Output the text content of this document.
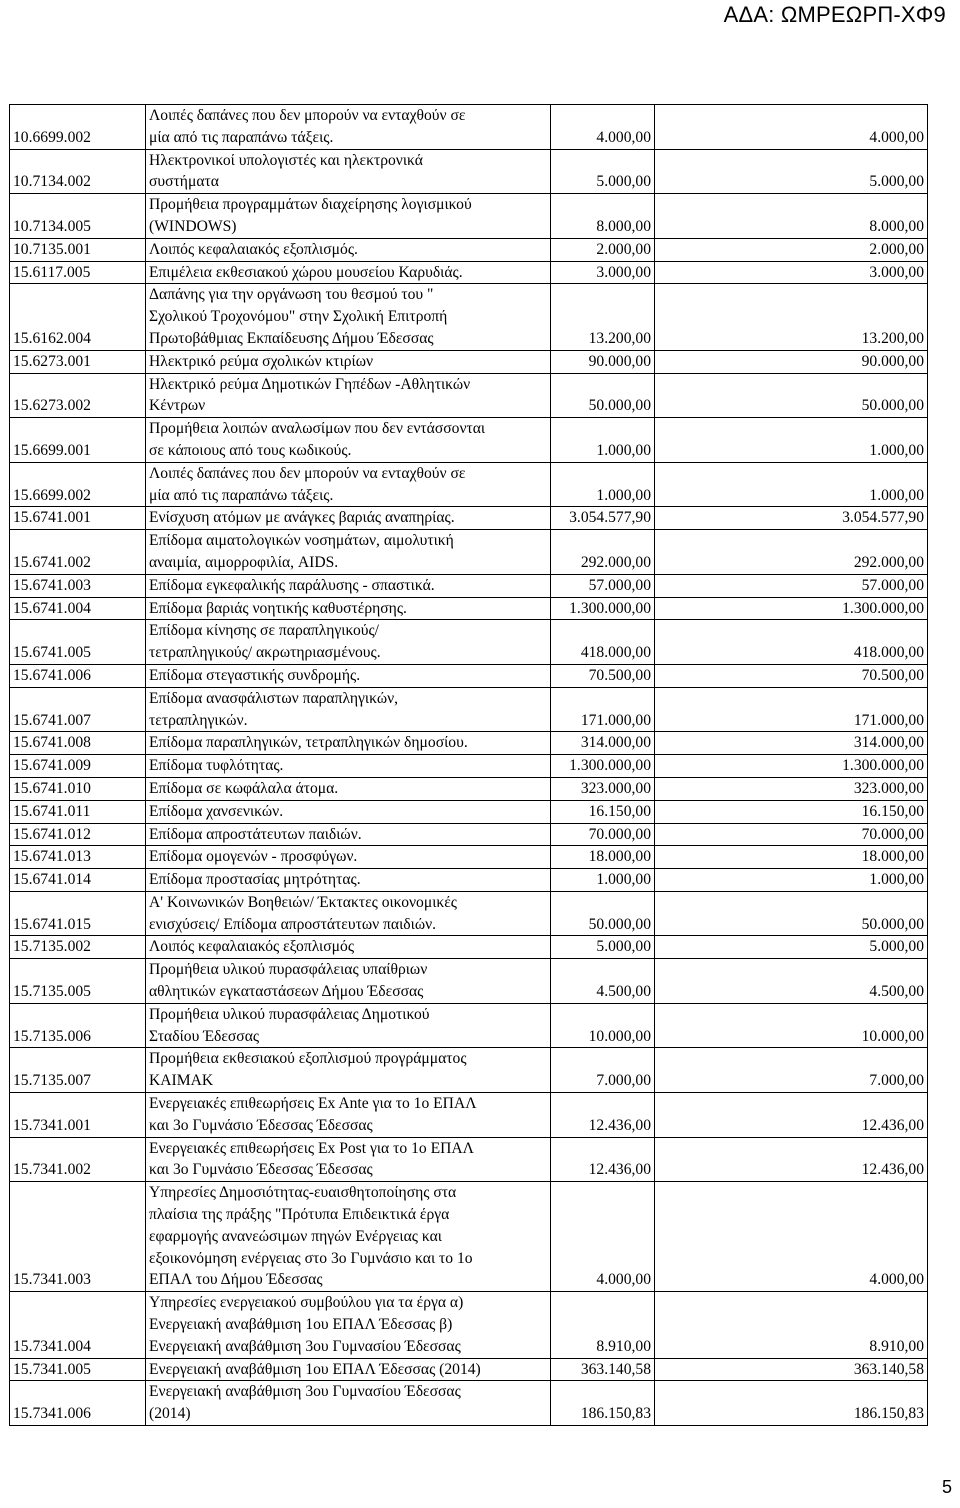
ΑΔΑ: ΩΜΡΕΩΡΠ-ΧΦ9
10.6699.002	Λοιπές δαπάνες που δεν μπορούν να ενταχθούν σε
μία από τις παραπάνω τάξεις.	4.000,00	4.000,00
10.7134.002	Ηλεκτρονικοί υπολογιστές και ηλεκτρονικά
συστήματα	5.000,00	5.000,00
10.7134.005	Προμήθεια προγραμμάτων διαχείρησης λογισμικού
(WINDOWS)	8.000,00	8.000,00
10.7135.001	Λοιπός κεφαλαιακός εξοπλισμός.	2.000,00	2.000,00
15.6117.005	Επιμέλεια εκθεσιακού χώρου μουσείου Καρυδιάς.	3.000,00	3.000,00
15.6162.004	Δαπάνης για την οργάνωση του θεσμού του "
Σχολικού Τροχονόμου" στην Σχολική Επιτροπή
Πρωτοβάθμιας Εκπαίδευσης Δήμου Έδεσσας	13.200,00	13.200,00
15.6273.001	Ηλεκτρικό ρεύμα σχολικών κτιρίων	90.000,00	90.000,00
15.6273.002	Ηλεκτρικό ρεύμα Δημοτικών Γηπέδων -Αθλητικών
Κέντρων	50.000,00	50.000,00
15.6699.001	Προμήθεια λοιπών αναλωσίμων που δεν εντάσσονται
σε κάποιους από τους κωδικούς.	1.000,00	1.000,00
15.6699.002	Λοιπές δαπάνες που δεν μπορούν να ενταχθούν σε
μία από τις παραπάνω τάξεις.	1.000,00	1.000,00
15.6741.001	Ενίσχυση ατόμων με ανάγκες βαριάς αναπηρίας.	3.054.577,90	3.054.577,90
15.6741.002	Επίδομα αιματολογικών νοσημάτων, αιμολυτική
αναιμία, αιμορροφιλία, AIDS.	292.000,00	292.000,00
15.6741.003	Επίδομα εγκεφαλικής παράλυσης - σπαστικά.	57.000,00	57.000,00
15.6741.004	Επίδομα βαριάς νοητικής καθυστέρησης.	1.300.000,00	1.300.000,00
15.6741.005	Επίδομα κίνησης σε παραπληγικούς/
τετραπληγικούς/ ακρωτηριασμένους.	418.000,00	418.000,00
15.6741.006	Επίδομα στεγαστικής συνδρομής.	70.500,00	70.500,00
15.6741.007	Επίδομα ανασφάλιστων παραπληγικών,
τετραπληγικών.	171.000,00	171.000,00
15.6741.008	Επίδομα παραπληγικών, τετραπληγικών δημοσίου.	314.000,00	314.000,00
15.6741.009	Επίδομα τυφλότητας.	1.300.000,00	1.300.000,00
15.6741.010	Επίδομα σε κωφάλαλα άτομα.	323.000,00	323.000,00
15.6741.011	Επίδομα χανσενικών.	16.150,00	16.150,00
15.6741.012	Επίδομα απροστάτευτων παιδιών.	70.000,00	70.000,00
15.6741.013	Επίδομα ομογενών - προσφύγων.	18.000,00	18.000,00
15.6741.014	Επίδομα προστασίας μητρότητας.	1.000,00	1.000,00
15.6741.015	Α' Κοινωνικών Βοηθειών/ Έκτακτες οικονομικές
ενισχύσεις/ Επίδομα απροστάτευτων παιδιών.	50.000,00	50.000,00
15.7135.002	Λοιπός κεφαλαιακός εξοπλισμός	5.000,00	5.000,00
15.7135.005	Προμήθεια υλικού πυρασφάλειας υπαίθριων
αθλητικών εγκαταστάσεων Δήμου Έδεσσας	4.500,00	4.500,00
15.7135.006	Προμήθεια υλικού πυρασφάλειας Δημοτικού
Σταδίου Έδεσσας	10.000,00	10.000,00
15.7135.007	Προμήθεια εκθεσιακού εξοπλισμού προγράμματος
ΚΑΙΜΑΚ	7.000,00	7.000,00
15.7341.001	Ενεργειακές επιθεωρήσεις Ex Ante για το 1ο ΕΠΑΛ
και 3ο Γυμνάσιο Έδεσσας Έδεσσας	12.436,00	12.436,00
15.7341.002	Ενεργειακές επιθεωρήσεις Ex Post για το 1ο ΕΠΑΛ
και 3ο Γυμνάσιο Έδεσσας Έδεσσας	12.436,00	12.436,00
15.7341.003	Υπηρεσίες Δημοσιότητας-ευαισθητοποίησης στα
πλαίσια της πράξης "Πρότυπα Επιδεικτικά έργα
εφαρμογής ανανεώσιμων πηγών Ενέργειας και
εξοικονόμηση ενέργειας στο 3ο Γυμνάσιο και το 1ο
ΕΠΑΛ του Δήμου Έδεσσας	4.000,00	4.000,00
15.7341.004	Υπηρεσίες ενεργειακού συμβούλου για τα έργα α)
Ενεργειακή αναβάθμιση 1ου ΕΠΑΛ Έδεσσας β)
Ενεργειακή αναβάθμιση 3ου Γυμνασίου Έδεσσας	8.910,00	8.910,00
15.7341.005	Ενεργειακή αναβάθμιση 1ου ΕΠΑΛ Έδεσσας (2014)	363.140,58	363.140,58
15.7341.006	Ενεργειακή αναβάθμιση 3ου Γυμνασίου Έδεσσας
(2014)	186.150,83	186.150,83
5
